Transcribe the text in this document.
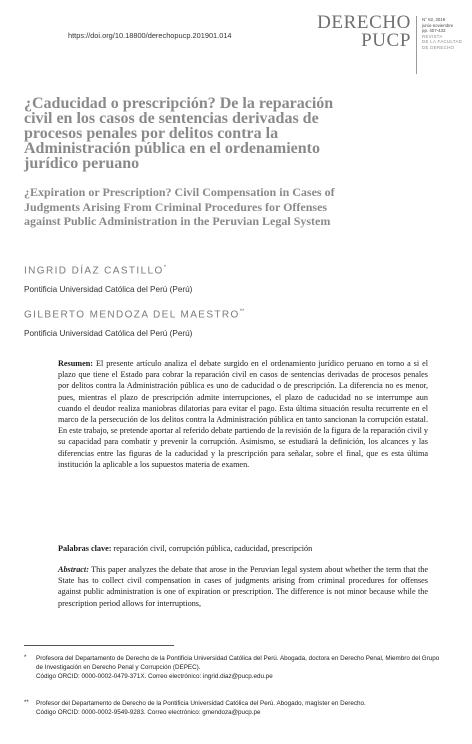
https://doi.org/10.18800/derechopucp.201901.014
DERECHO
PUCP
N° 82, 2019
junio-noviembre
pp. 407-433
REVISTA
DE LA FACULTAD
DE DERECHO
¿Caducidad o prescripción? De la reparación civil en los casos de sentencias derivadas de procesos penales por delitos contra la Administración pública en el ordenamiento jurídico peruano
¿Expiration or Prescription? Civil Compensation in Cases of Judgments Arising From Criminal Procedures for Offenses against Public Administration in the Peruvian Legal System
INGRID DÍAZ CASTILLO*
Pontificia Universidad Católica del Perú (Perú)
GILBERTO MENDOZA DEL MAESTRO**
Pontificia Universidad Católica del Perú (Perú)

Resumen: El presente artículo analiza el debate surgido en el ordenamiento jurídico peruano en torno a si el plazo que tiene el Estado para cobrar la reparación civil en casos de sentencias derivadas de procesos penales por delitos contra la Administración pública es uno de caducidad o de prescripción. La diferencia no es menor, pues, mientras el plazo de prescripción admite interrupciones, el plazo de caducidad no se interrumpe aun cuando el deudor realiza maniobras dilatorias para evitar el pago. Esta última situación resulta recurrente en el marco de la persecución de los delitos contra la Administración pública en tanto sancionan la corrupción estatal. En este trabajo, se pretende aportar al referido debate partiendo de la revisión de la figura de la reparación civil y su capacidad para combatir y prevenir la corrupción. Asimismo, se estudiará la definición, los alcances y las diferencias entre las figuras de la caducidad y la prescripción para señalar, sobre el final, que es esta última institución la aplicable a los supuestos materia de examen.

Palabras clave: reparación civil, corrupción pública, caducidad, prescripción

Abstract: This paper analyzes the debate that arose in the Peruvian legal system about whether the term that the State has to collect civil compensation in cases of judgments arising from criminal procedures for offenses against public administration is one of expiration or prescription. The difference is not minor because while the prescription period allows for interruptions,

*	Profesora del Departamento de Derecho de la Pontificia Universidad Católica del Perú. Abogada, doctora en Derecho Penal, Miembro del Grupo de Investigación en Derecho Penal y Corrupción (DEPEC).
Código ORCID: 0000-0002-0479-371X. Correo electrónico: ingrid.diaz@pucp.edu.pe
**	Profesor del Departamento de Derecho de la Pontificia Universidad Católica del Perú. Abogado, magíster en Derecho.
Código ORCID: 0000-0002-9549-9283. Correo electrónico: gmendoza@pucp.pe
